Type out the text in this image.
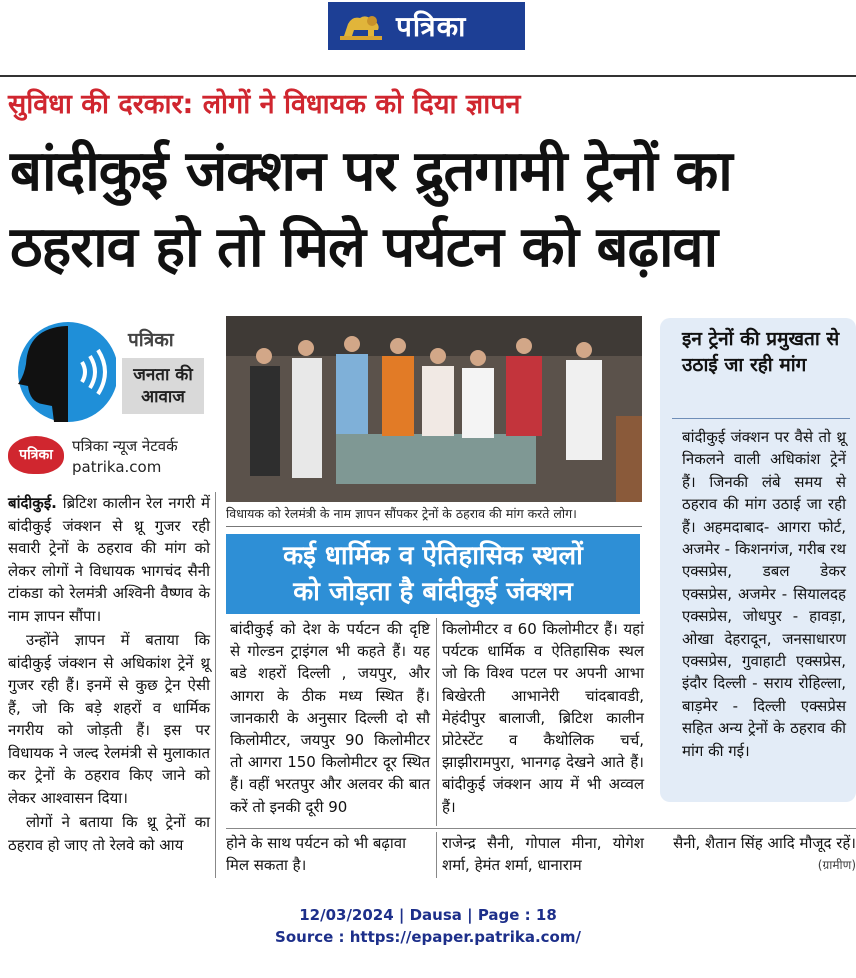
पत्रिका
सुविधा की दरकार: लोगों ने विधायक को दिया ज्ञापन
बांदीकुई जंक्शन पर द्रुतगामी ट्रेनों का
ठहराव हो तो मिले पर्यटन को बढ़ावा
पत्रिका
जनता की
आवाज
पत्रिका	पत्रिका न्यूज नेटवर्क
patrika.com

बांदीकुई. ब्रिटिश कालीन रेल नगरी में बांदीकुई जंक्शन से थ्रू गुजर रही सवारी ट्रेनों के ठहराव की मांग को लेकर लोगों ने विधायक भागचंद सैनी टांकडा को रेलमंत्री अश्विनी वैष्णव के नाम ज्ञापन सौंपा।

उन्होंने ज्ञापन में बताया कि बांदीकुई जंक्शन से अधिकांश ट्रेनें थ्रू गुजर रही हैं। इनमें से कुछ ट्रेन ऐसी हैं, जो कि बड़े शहरों व धार्मिक नगरीय को जोड़ती हैं। इस पर विधायक ने जल्द रेलमंत्री से मुलाकात कर ट्रेनों के ठहराव किए जाने को लेकर आश्वासन दिया।

लोगों ने बताया कि थ्रू ट्रेनों का ठहराव हो जाए तो रेलवे को आय

विधायक को रेलमंत्री के नाम ज्ञापन सौंपकर ट्रेनों के ठहराव की मांग करते लोग।
कई धार्मिक व ऐतिहासिक स्थलों
को जोड़ता है बांदीकुई जंक्शन
बांदीकुई को देश के पर्यटन की दृष्टि से गोल्डन ट्राइंगल भी कहते हैं। यह बडे शहरों दिल्ली , जयपुर, और आगरा के ठीक मध्य स्थित हैं। जानकारी के अनुसार दिल्ली दो सौ किलोमीटर, जयपुर 90 किलोमीटर तो आगरा 150 किलोमीटर दूर स्थित हैं। वहीं भरतपुर और अलवर की बात करें तो इनकी दूरी 90
किलोमीटर व 60 किलोमीटर हैं। यहां पर्यटक धार्मिक व ऐतिहासिक स्थल जो कि विश्व पटल पर अपनी आभा बिखेरती आभानेरी चांदबावडी, मेहंदीपुर बालाजी, ब्रिटिश कालीन प्रोटेस्टेंट व कैथोलिक चर्च, झाझीरामपुरा, भानगढ़ देखने आते हैं। बांदीकुई जंक्शन आय में भी अव्वल हैं।
होने के साथ पर्यटन को भी बढ़ावा मिल सकता है।
राजेन्द्र सैनी, गोपाल मीना, योगेश शर्मा, हेमंत शर्मा, धानाराम
इन ट्रेनों की प्रमुखता से उठाई जा रही मांग
बांदीकुई जंक्शन पर वैसे तो थ्रू निकलने वाली अधिकांश ट्रेनें हैं। जिनकी लंबे समय से ठहराव की मांग उठाई जा रही हैं। अहमदाबाद- आगरा फोर्ट, अजमेर - किशनगंज, गरीब रथ एक्सप्रेस, डबल डेकर एक्सप्रेस, अजमेर - सियालदह एक्सप्रेस, जोधपुर - हावड़ा, ओखा देहरादून, जनसाधारण एक्सप्रेस, गुवाहाटी एक्सप्रेस, इंदौर दिल्ली - सराय रोहिल्ला, बाड़मेर - दिल्ली एक्सप्रेस सहित अन्य ट्रेनों के ठहराव की मांग की गई।
सैनी, शैतान सिंह आदि मौजूद रहें।
(ग्रामीण)
12/03/2024 | Dausa | Page : 18
Source : https://epaper.patrika.com/
